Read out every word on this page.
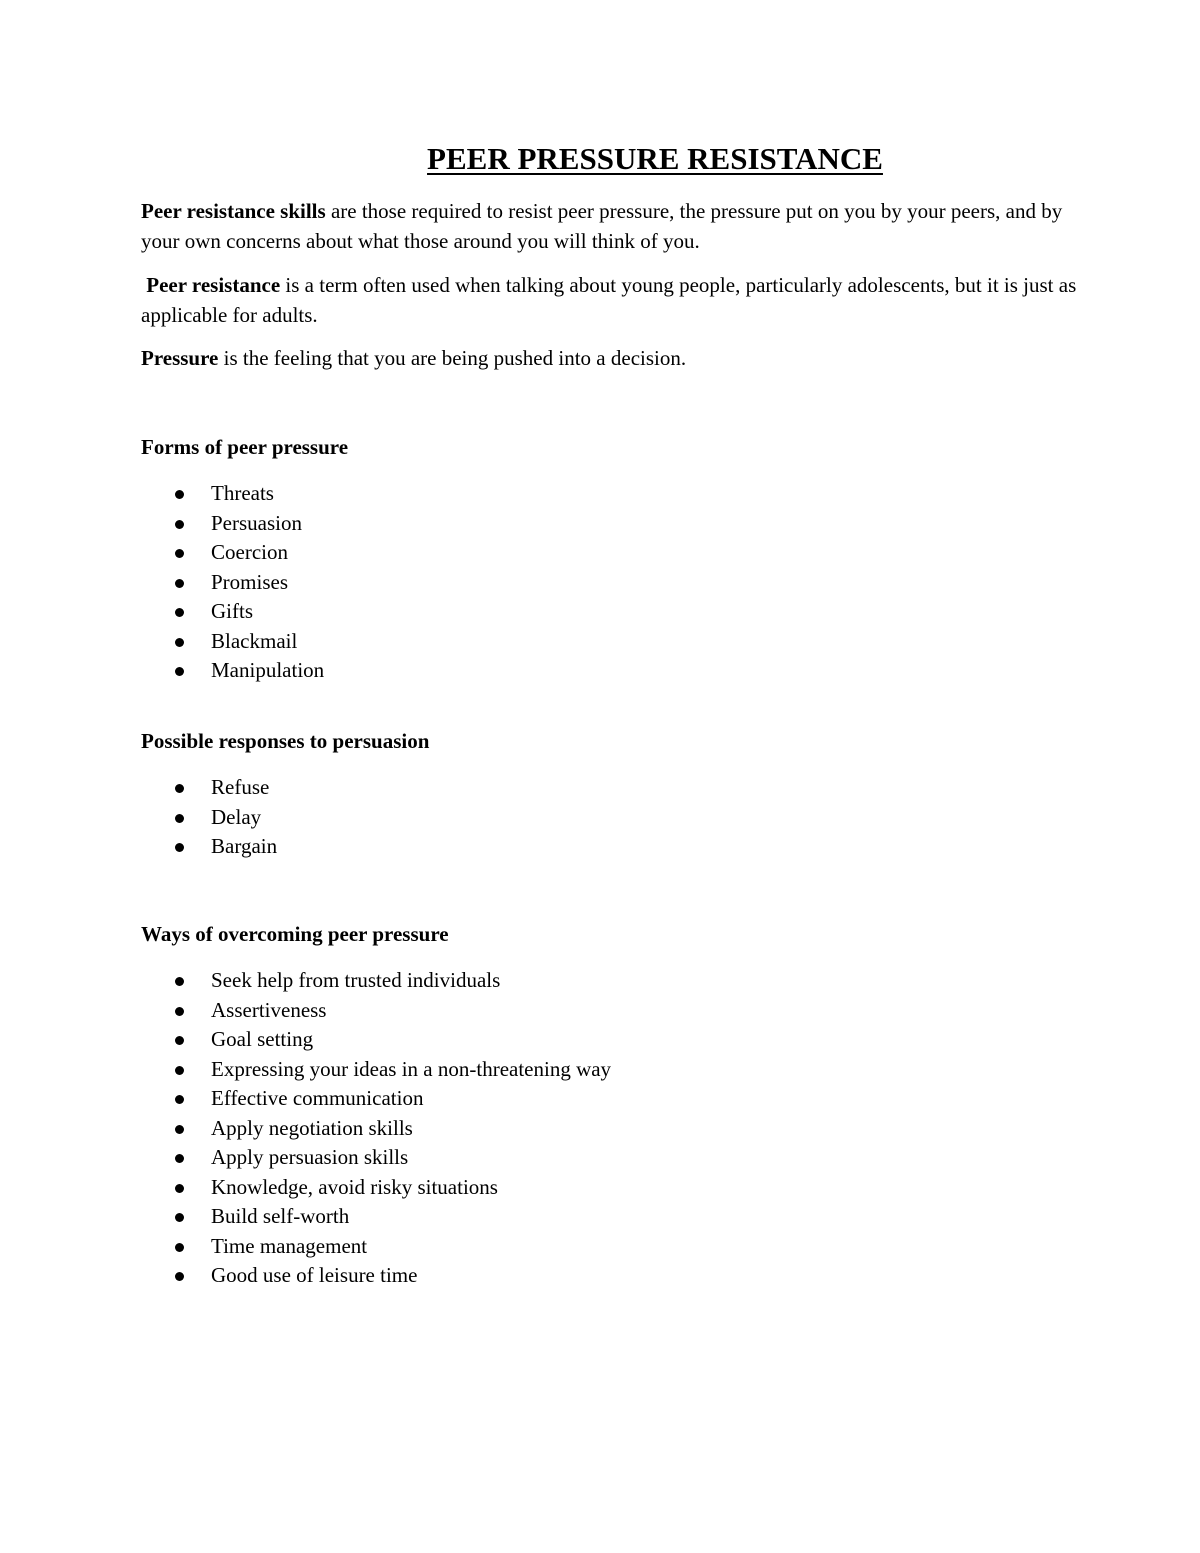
PEER PRESSURE RESISTANCE

Peer resistance skills are those required to resist peer pressure, the pressure put on you by your peers, and by your own concerns about what those around you will think of you.

Peer resistance is a term often used when talking about young people, particularly adolescents, but it is just as applicable for adults.

Pressure is the feeling that you are being pushed into a decision.

Forms of peer pressure
Threats
Persuasion
Coercion
Promises
Gifts
Blackmail
Manipulation
Possible responses to persuasion
Refuse
Delay
Bargain
Ways of overcoming peer pressure
Seek help from trusted individuals
Assertiveness
Goal setting
Expressing your ideas in a non-threatening way
Effective communication
Apply negotiation skills
Apply persuasion skills
Knowledge, avoid risky situations
Build self-worth
Time management
Good use of leisure time
